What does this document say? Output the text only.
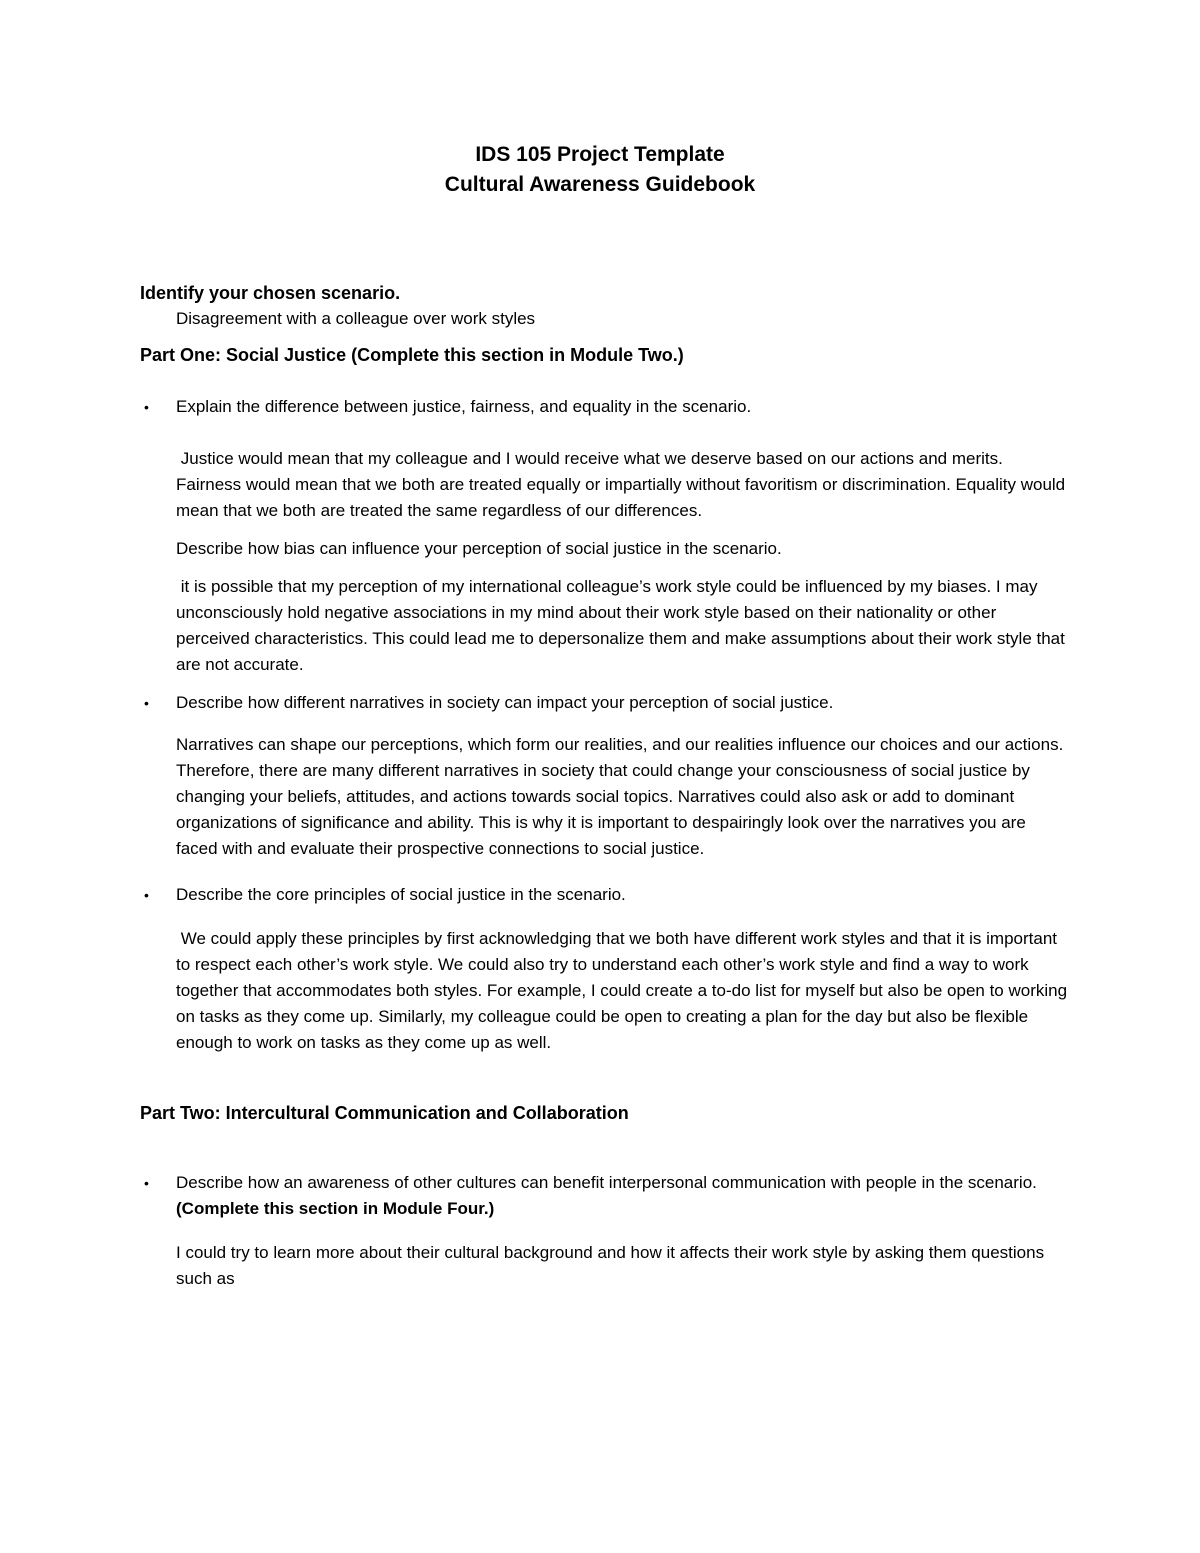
IDS 105 Project Template
Cultural Awareness Guidebook
Identify your chosen scenario.
Disagreement with a colleague over work styles
Part One: Social Justice (Complete this section in Module Two.)
• Explain the difference between justice, fairness, and equality in the scenario.

Justice would mean that my colleague and I would receive what we deserve based on our actions and merits. Fairness would mean that we both are treated equally or impartially without favoritism or discrimination. Equality would mean that we both are treated the same regardless of our differences.

Describe how bias can influence your perception of social justice in the scenario.

it is possible that my perception of my international colleague’s work style could be influenced by my biases. I may unconsciously hold negative associations in my mind about their work style based on their nationality or other perceived characteristics. This could lead me to depersonalize them and make assumptions about their work style that are not accurate.

• Describe how different narratives in society can impact your perception of social justice.

Narratives can shape our perceptions, which form our realities, and our realities influence our choices and our actions. Therefore, there are many different narratives in society that could change your consciousness of social justice by changing your beliefs, attitudes, and actions towards social topics. Narratives could also ask or add to dominant organizations of significance and ability. This is why it is important to despairingly look over the narratives you are faced with and evaluate their prospective connections to social justice.

• Describe the core principles of social justice in the scenario.

We could apply these principles by first acknowledging that we both have different work styles and that it is important to respect each other’s work style. We could also try to understand each other’s work style and find a way to work together that accommodates both styles. For example, I could create a to-do list for myself but also be open to working on tasks as they come up. Similarly, my colleague could be open to creating a plan for the day but also be flexible enough to work on tasks as they come up as well.

Part Two: Intercultural Communication and Collaboration
• Describe how an awareness of other cultures can benefit interpersonal communication with people in the scenario. (Complete this section in Module Four.)

I could try to learn more about their cultural background and how it affects their work style by asking them questions such as
